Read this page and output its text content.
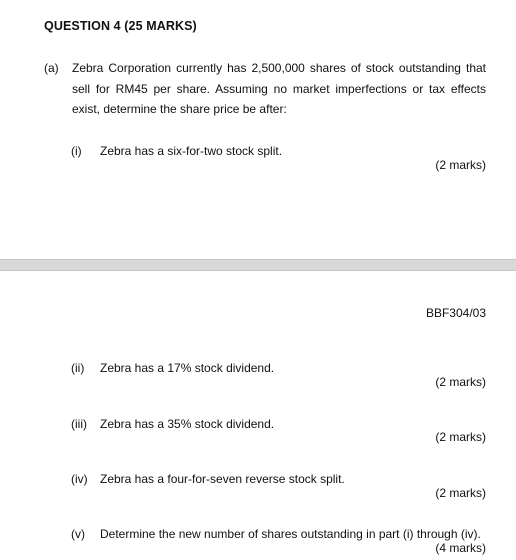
QUESTION 4 (25 MARKS)
(a) Zebra Corporation currently has 2,500,000 shares of stock outstanding that sell for RM45 per share. Assuming no market imperfections or tax effects exist, determine the share price be after:
(i) Zebra has a six-for-two stock split.
(2 marks)
BBF304/03
(ii) Zebra has a 17% stock dividend.
(2 marks)
(iii) Zebra has a 35% stock dividend.
(2 marks)
(iv) Zebra has a four-for-seven reverse stock split.
(2 marks)
(v) Determine the new number of shares outstanding in part (i) through (iv).
(4 marks)
